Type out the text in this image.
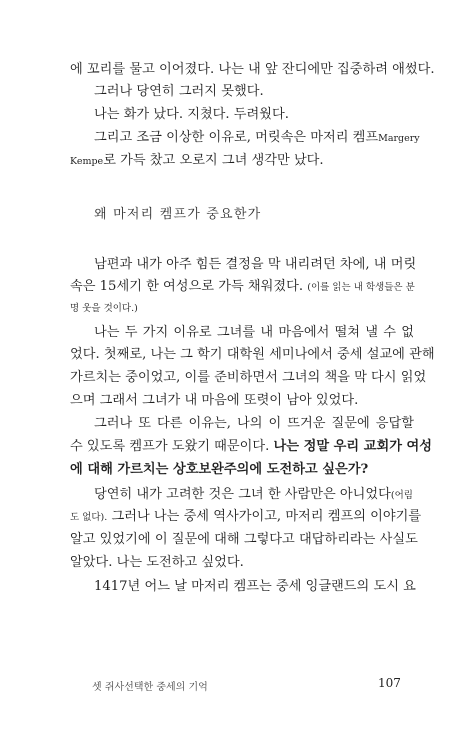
에 꼬리를 물고 이어졌다. 나는 내 앞 잔디에만 집중하려 애썼다.
그러나 당연히 그러지 못했다.
나는 화가 났다. 지쳤다. 두려웠다.
그리고 조금 이상한 이유로, 머릿속은 마저리 켐프Margery
Kempe로 가득 찼고 오로지 그녀 생각만 났다.
왜 마저리 켐프가 중요한가
남편과 내가 아주 힘든 결정을 막 내리려던 차에, 내 머릿
속은 15세기 한 여성으로 가득 채워졌다. (이를 읽는 내 학생들은 분
명 웃을 것이다.)
나는 두 가지 이유로 그녀를 내 마음에서 떨쳐 낼 수 없
었다. 첫째로, 나는 그 학기 대학원 세미나에서 중세 설교에 관해
가르치는 중이었고, 이를 준비하면서 그녀의 책을 막 다시 읽었
으며 그래서 그녀가 내 마음에 또렷이 남아 있었다.
그러나 또 다른 이유는, 나의 이 뜨거운 질문에 응답할
수 있도록 켐프가 도왔기 때문이다. 나는 정말 우리 교회가 여성
에 대해 가르치는 상호보완주의에 도전하고 싶은가?
당연히 내가 고려한 것은 그녀 한 사람만은 아니었다(어림
도 없다). 그러나 나는 중세 역사가이고, 마저리 켐프의 이야기를
알고 있었기에 이 질문에 대해 그렇다고 대답하리라는 사실도
알았다. 나는 도전하고 싶었다.
1417년 어느 날 마저리 켐프는 중세 잉글랜드의 도시 요
셋 쥐사선택한 중세의 기억	107
